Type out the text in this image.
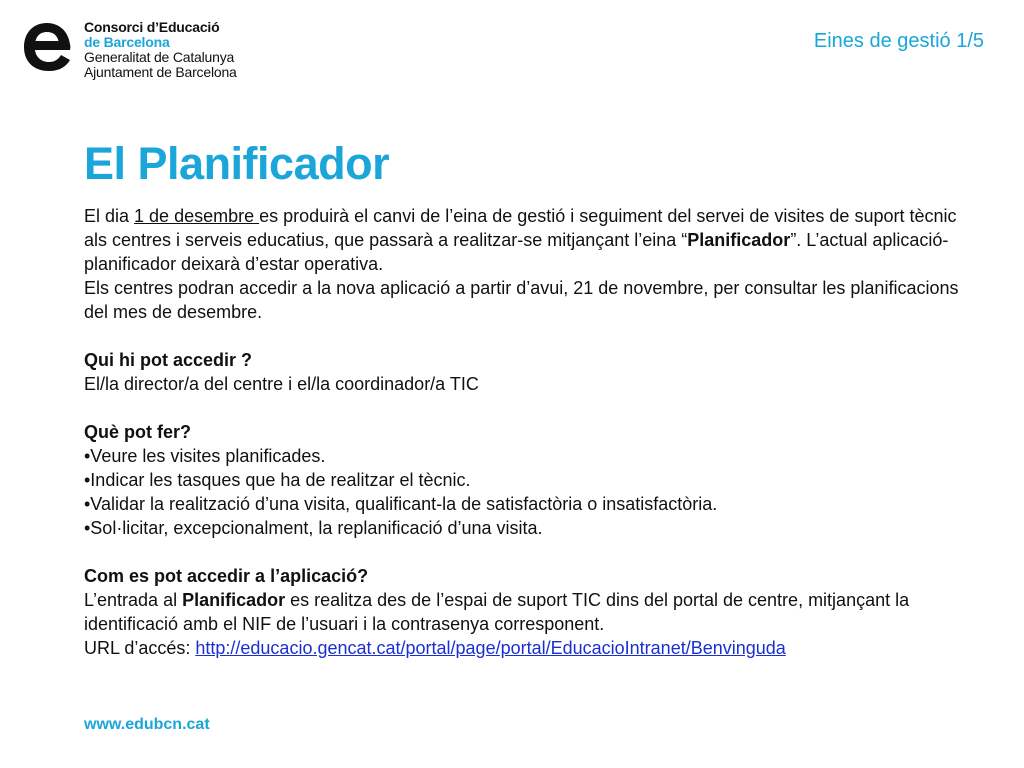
Consorci d’Educació
de Barcelona
Generalitat de Catalunya
Ajuntament de Barcelona
Eines de gestió 1/5
El Planificador

El dia 1 de desembre es produirà el canvi de l’eina de gestió i seguiment del servei de visites de suport tècnic als centres i serveis educatius, que passarà a realitzar-se mitjançant l’eina “Planificador”. L’actual aplicació-planificador deixarà d’estar operativa.

Els centres podran accedir a la nova aplicació a partir d’avui, 21 de novembre, per consultar les planificacions del mes de desembre.

Qui hi pot accedir ?

El/la director/a del centre i el/la coordinador/a TIC

Què pot fer?

•Veure les visites planificades.

•Indicar les tasques que ha de realitzar el tècnic.

•Validar la realització d’una visita, qualificant-la de satisfactòria o insatisfactòria.

•Sol·licitar, excepcionalment, la replanificació d’una visita.

Com es pot accedir a l’aplicació?

L’entrada al Planificador es realitza des de l’espai de suport TIC dins del portal de centre, mitjançant la identificació amb el NIF de l’usuari i la contrasenya corresponent.

URL d’accés: http://educacio.gencat.cat/portal/page/portal/EducacioIntranet/Benvinguda

www.edubcn.cat
